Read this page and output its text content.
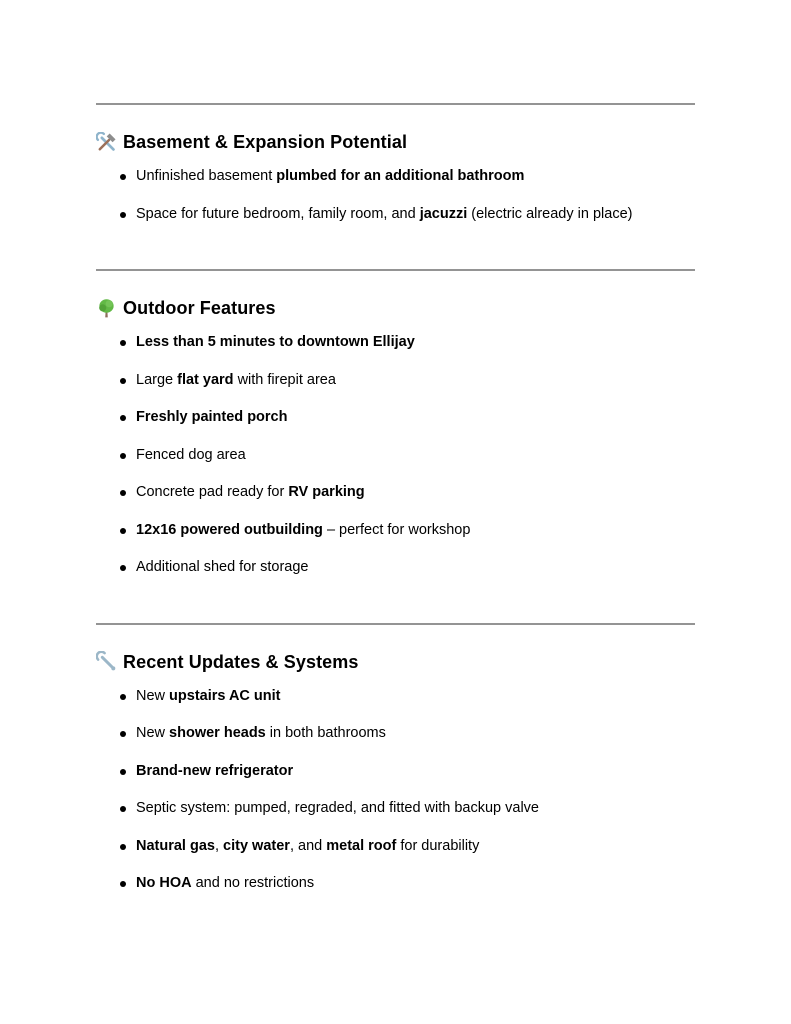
Basement & Expansion Potential
Unfinished basement plumbed for an additional bathroom
Space for future bedroom, family room, and jacuzzi (electric already in place)
Outdoor Features
Less than 5 minutes to downtown Ellijay
Large flat yard with firepit area
Freshly painted porch
Fenced dog area
Concrete pad ready for RV parking
12x16 powered outbuilding – perfect for workshop
Additional shed for storage
Recent Updates & Systems
New upstairs AC unit
New shower heads in both bathrooms
Brand-new refrigerator
Septic system: pumped, regraded, and fitted with backup valve
Natural gas, city water, and metal roof for durability
No HOA and no restrictions
